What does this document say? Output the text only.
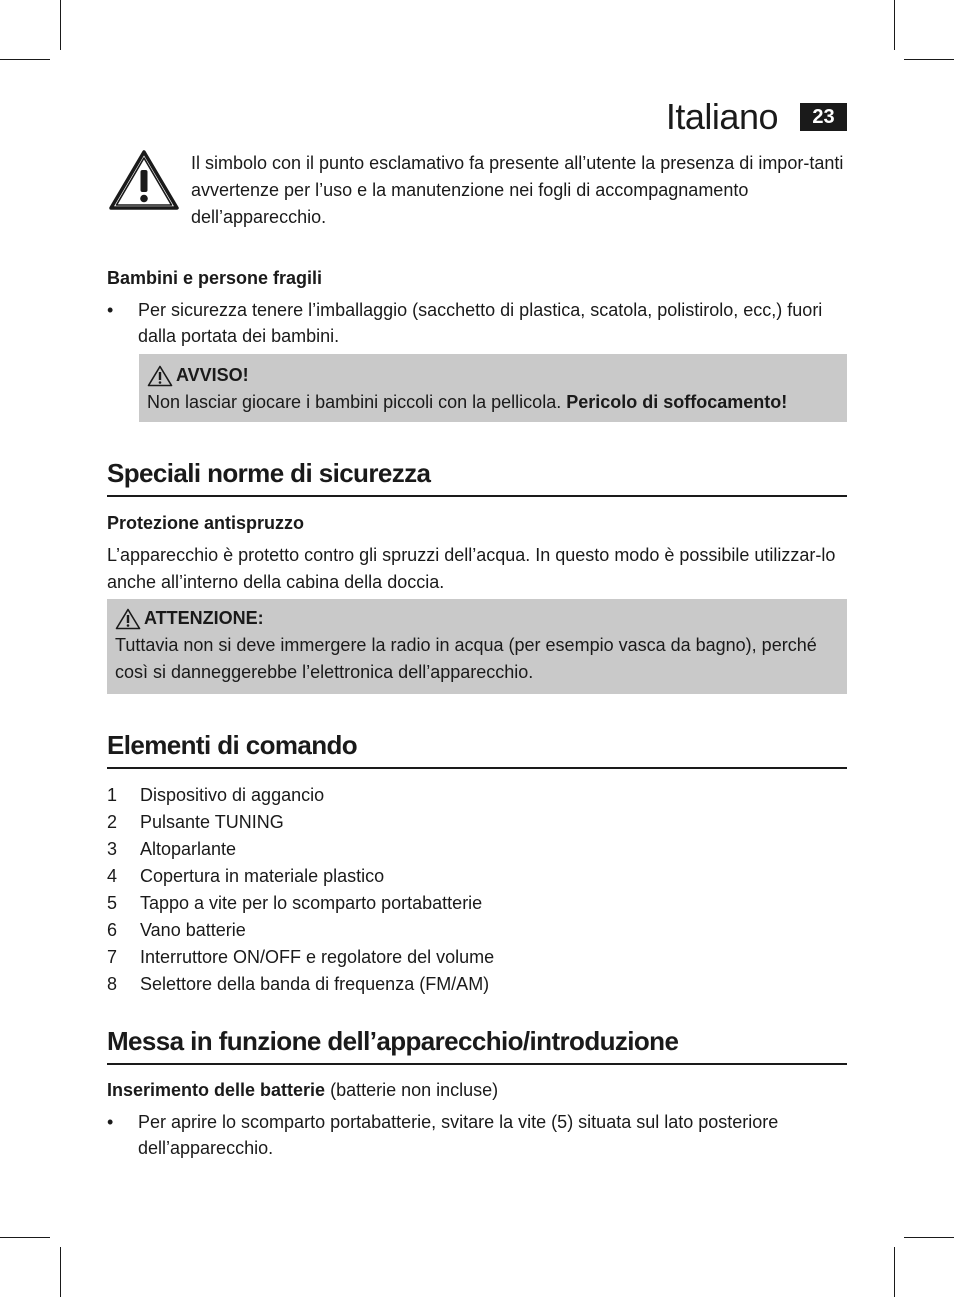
Italiano	23
Il simbolo con il punto esclamativo fa presente all’utente la presenza di impor-tanti avvertenze per l’uso e la manutenzione nei fogli di accompagnamento dell’apparecchio.
Bambini e persone fragili
• Per sicurezza tenere l’imballaggio (sacchetto di plastica, scatola, polistirolo, ecc,) fuori dalla portata dei bambini.
AVVISO!
Non lasciar giocare i bambini piccoli con la pellicola. Pericolo di soffocamento!
Speciali norme di sicurezza
Protezione antispruzzo
L’apparecchio è protetto contro gli spruzzi dell’acqua. In questo modo è possibile utilizzar-lo anche all’interno della cabina della doccia.
ATTENZIONE:
Tuttavia non si deve immergere la radio in acqua (per esempio vasca da bagno), perché così si danneggerebbe l’elettronica dell’apparecchio.
Elementi di comando
1	Dispositivo di aggancio
2	Pulsante TUNING
3	Altoparlante
4	Copertura in materiale plastico
5	Tappo a vite per lo scomparto portabatterie
6	Vano batterie
7	Interruttore ON/OFF e regolatore del volume
8	Selettore della banda di frequenza (FM/AM)
Messa in funzione dell’apparecchio/introduzione
Inserimento delle batterie (batterie non incluse)
• Per aprire lo scomparto portabatterie, svitare la vite (5) situata sul lato posteriore dell’apparecchio.
